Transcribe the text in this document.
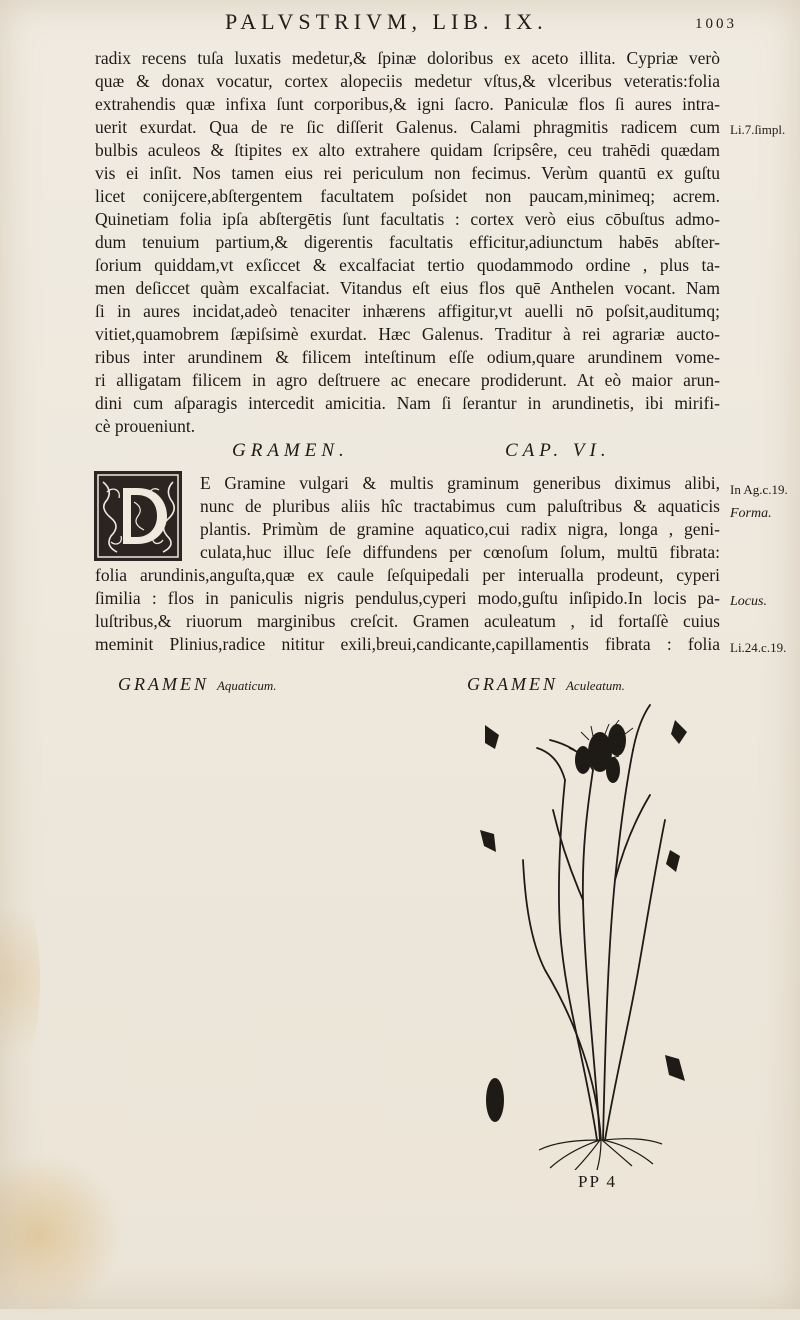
PALVSTRIVM, LIB. IX.	1003
radix recens tuſa luxatis medetur,& ſpinæ doloribus ex aceto illita. Cypriæ verò
quæ & donax vocatur, cortex alopeciis medetur vſtus,& vlceribus veteratis:folia
extrahendis quæ infixa ſunt corporibus,& igni ſacro. Paniculæ flos ſi aures intra-
uerit exurdat. Qua de re ſic diſſerit Galenus. Calami phragmitis radicem cum
bulbis aculeos & ſtipites ex alto extrahere quidam ſcripsêre, ceu trahēdi quædam
vis ei inſit. Nos tamen eius rei periculum non fecimus. Verùm quantū ex guſtu
licet conijcere,abſtergentem facultatem poſsidet non paucam,minimeq; acrem.
Quinetiam folia ipſa abſtergētis ſunt facultatis : cortex verò eius cōbuſtus admo-
dum tenuium partium,& digerentis facultatis efficitur,adiunctum habēs abſter-
ſorium quiddam,vt exſiccet & excalfaciat tertio quodammodo ordine , plus ta-
men deſiccet quàm excalfaciat. Vitandus eſt eius flos quē Anthelen vocant. Nam
ſi in aures incidat,adeò tenaciter inhærens affigitur,vt auelli nō poſsit,auditumq;
vitiet,quamobrem ſæpiſsimè exurdat. Hæc Galenus. Traditur à rei agrariæ aucto-
ribus inter arundinem & filicem inteſtinum eſſe odium,quare arundinem vome-
ri alligatam filicem in agro deſtruere ac enecare prodiderunt. At eò maior arun-
dini cum aſparagis intercedit amicitia. Nam ſi ſerantur in arundinetis, ibi mirifi-
cè proueniunt.
GRAMEN.	CAP. VI.
E Gramine vulgari & multis graminum generibus diximus alibi,
nunc de pluribus aliis hîc tractabimus cum paluſtribus & aquaticis
plantis. Primùm de gramine aquatico,cui radix nigra, longa , geni-
culata,huc illuc ſeſe diffundens per cœnoſum ſolum, multū fibrata:
folia arundinis,anguſta,quæ ex caule ſeſquipedali per interualla prodeunt, cyperi
ſimilia : flos in paniculis nigris pendulus,cyperi modo,guſtu inſipido.In locis pa-
luſtribus,& riuorum marginibus creſcit. Gramen aculeatum , id fortaſſè cuius
meminit Plinius,radice nititur exili,breui,candicante,capillamentis fibrata : folia
Li.7.ſimpl.
In Ag.c.19.
Forma.
Locus.
Li.24.c.19.
GRAMEN Aquaticum.	GRAMEN Aculeatum.
PP 4
